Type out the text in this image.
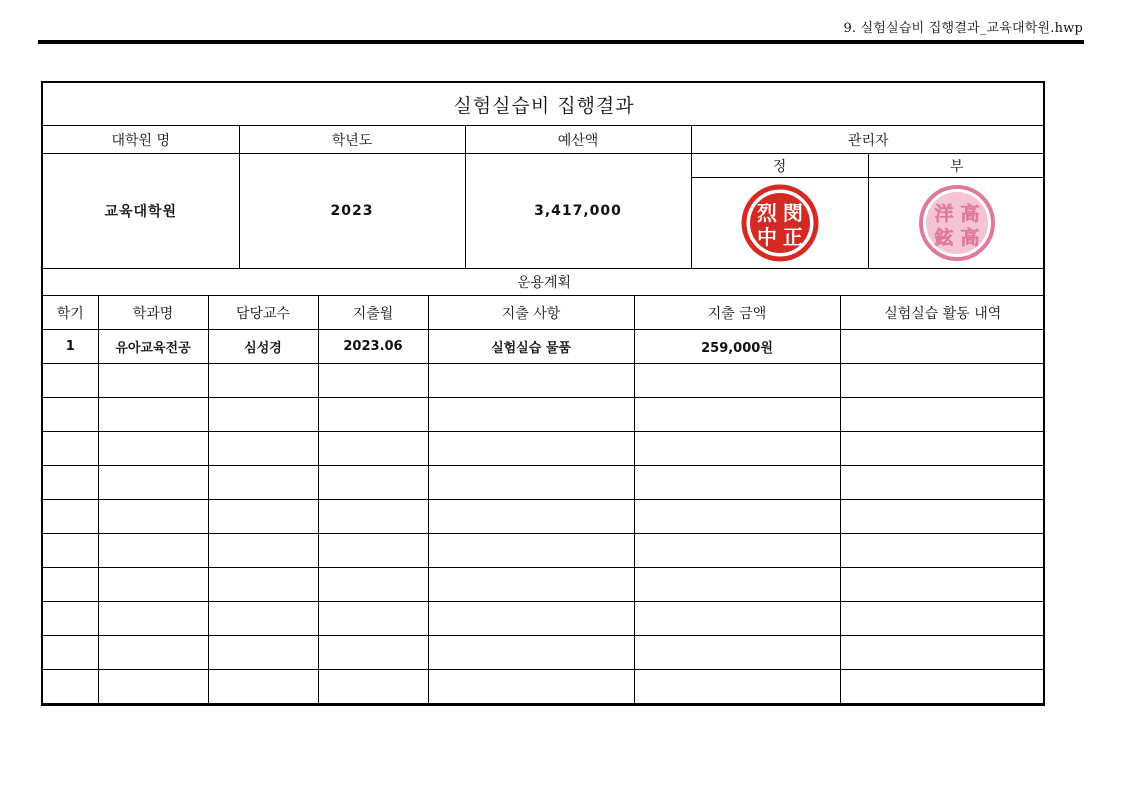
9. 실험실습비 집행결과_교육대학원.hwp
실험실습비 집행결과				
대학원 명	학년도	예산액	관리자	
교육대학원	2023	3,417,000	정	부

烈 閔
中 正	洋 高
鉉 高

운용계획				
학기	학과명	담당교수	지출월	지출 사항	지출 금액	실험실습 활동 내역
1	유아교육전공	심성경	2023.06	실험실습 물품	259,000원	
